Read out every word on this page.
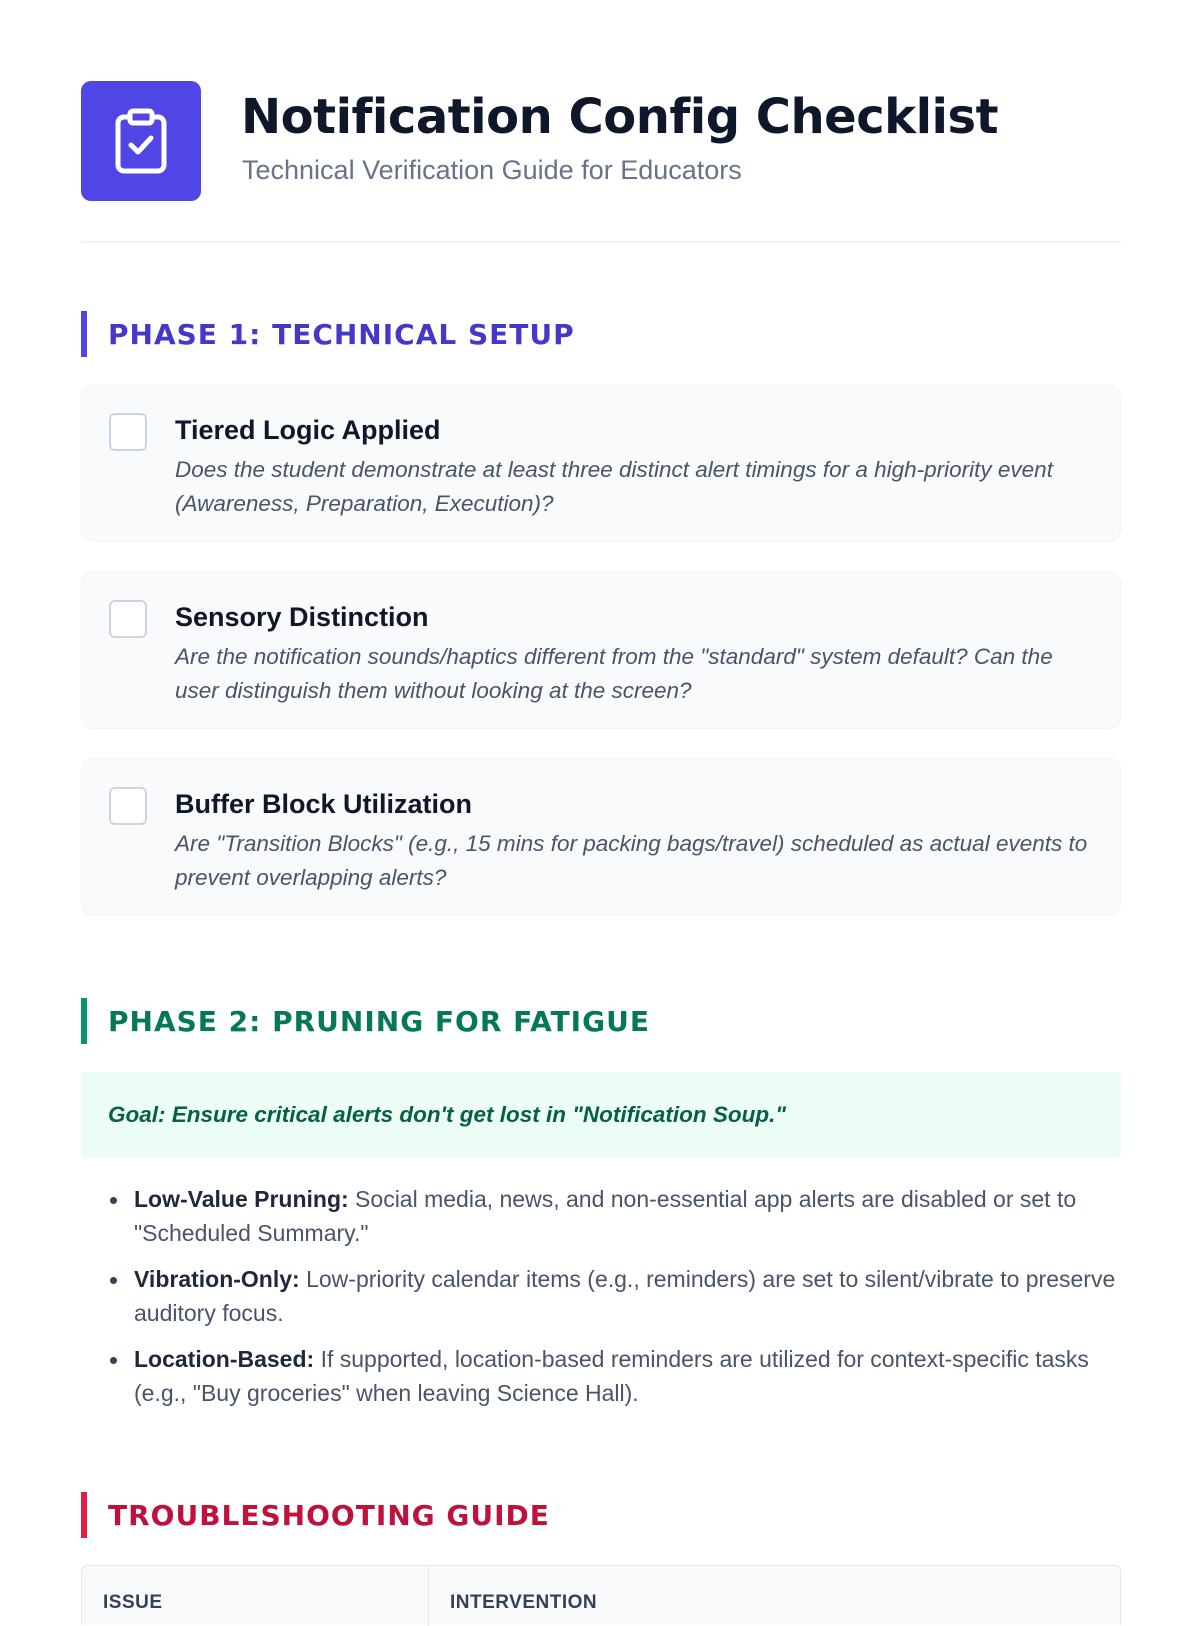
Notification Config Checklist
Technical Verification Guide for Educators
PHASE 1: TECHNICAL SETUP
Tiered Logic Applied
Does the student demonstrate at least three distinct alert timings for a high-priority event (Awareness, Preparation, Execution)?
Sensory Distinction
Are the notification sounds/haptics different from the "standard" system default? Can the user distinguish them without looking at the screen?
Buffer Block Utilization
Are "Transition Blocks" (e.g., 15 mins for packing bags/travel) scheduled as actual events to prevent overlapping alerts?
PHASE 2: PRUNING FOR FATIGUE
Goal: Ensure critical alerts don't get lost in "Notification Soup."
Low-Value Pruning: Social media, news, and non-essential app alerts are disabled or set to "Scheduled Summary."
Vibration-Only: Low-priority calendar items (e.g., reminders) are set to silent/vibrate to preserve auditory focus.
Location-Based: If supported, location-based reminders are utilized for context-specific tasks (e.g., "Buy groceries" when leaving Science Hall).
TROUBLESHOOTING GUIDE
ISSUE	INTERVENTION
